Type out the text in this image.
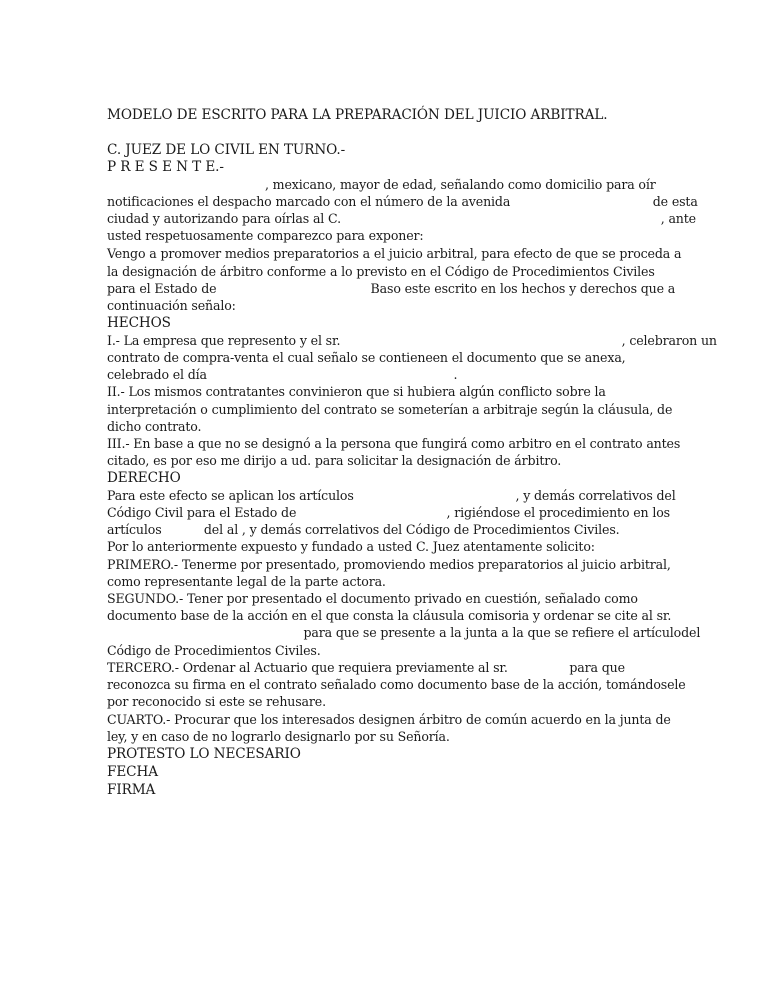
MODELO DE ESCRITO PARA LA PREPARACIÓN DEL JUICIO ARBITRAL.
C. JUEZ DE LO CIVIL EN TURNO.-
P R E S E N T E.-
, mexicano, mayor de edad, señalando como domicilio para oír
notificaciones el despacho marcado con el número de la avenida                                     de esta
ciudad y autorizando para oírlas al C.                                                                                   , ante
usted respetuosamente comparezco para exponer:
Vengo a promover medios preparatorios a el juicio arbitral, para efecto de que se proceda a
la designación de árbitro conforme a lo previsto en el Código de Procedimientos Civiles
para el Estado de                                        Baso este escrito en los hechos y derechos que a
continuación señalo:
HECHOS
I.- La empresa que represento y el sr.                                                                         , celebraron un
contrato de compra-venta el cual señalo se contieneen el documento que se anexa,
celebrado el día                                                                .
II.- Los mismos contratantes convinieron que si hubiera algún conflicto sobre la
interpretación o cumplimiento del contrato se someterían a arbitraje según la cláusula, de
dicho contrato.
III.- En base a que no se designó a la persona que fungirá como arbitro en el contrato antes
citado, es por eso me dirijo a ud. para solicitar la designación de árbitro.
DERECHO
Para este efecto se aplican los artículos                                          , y demás correlativos del
Código Civil para el Estado de                                       , rigiéndose el procedimiento en los
artículos           del al , y demás correlativos del Código de Procedimientos Civiles.
Por lo anteriormente expuesto y fundado a usted C. Juez atentamente solicito:
PRIMERO.- Tenerme por presentado, promoviendo medios preparatorios al juicio arbitral,
como representante legal de la parte actora.
SEGUNDO.- Tener por presentado el documento privado en cuestión, señalado como
documento base de la acción en el que consta la cláusula comisoria y ordenar se cite al sr.
para que se presente a la junta a la que se refiere el artículodel
Código de Procedimientos Civiles.
TERCERO.- Ordenar al Actuario que requiera previamente al sr.                para que
reconozca su firma en el contrato señalado como documento base de la acción, tomándosele
por reconocido si este se rehusare.
CUARTO.- Procurar que los interesados designen árbitro de común acuerdo en la junta de
ley, y en caso de no lograrlo designarlo por su Señoría.
PROTESTO LO NECESARIO
FECHA
FIRMA
